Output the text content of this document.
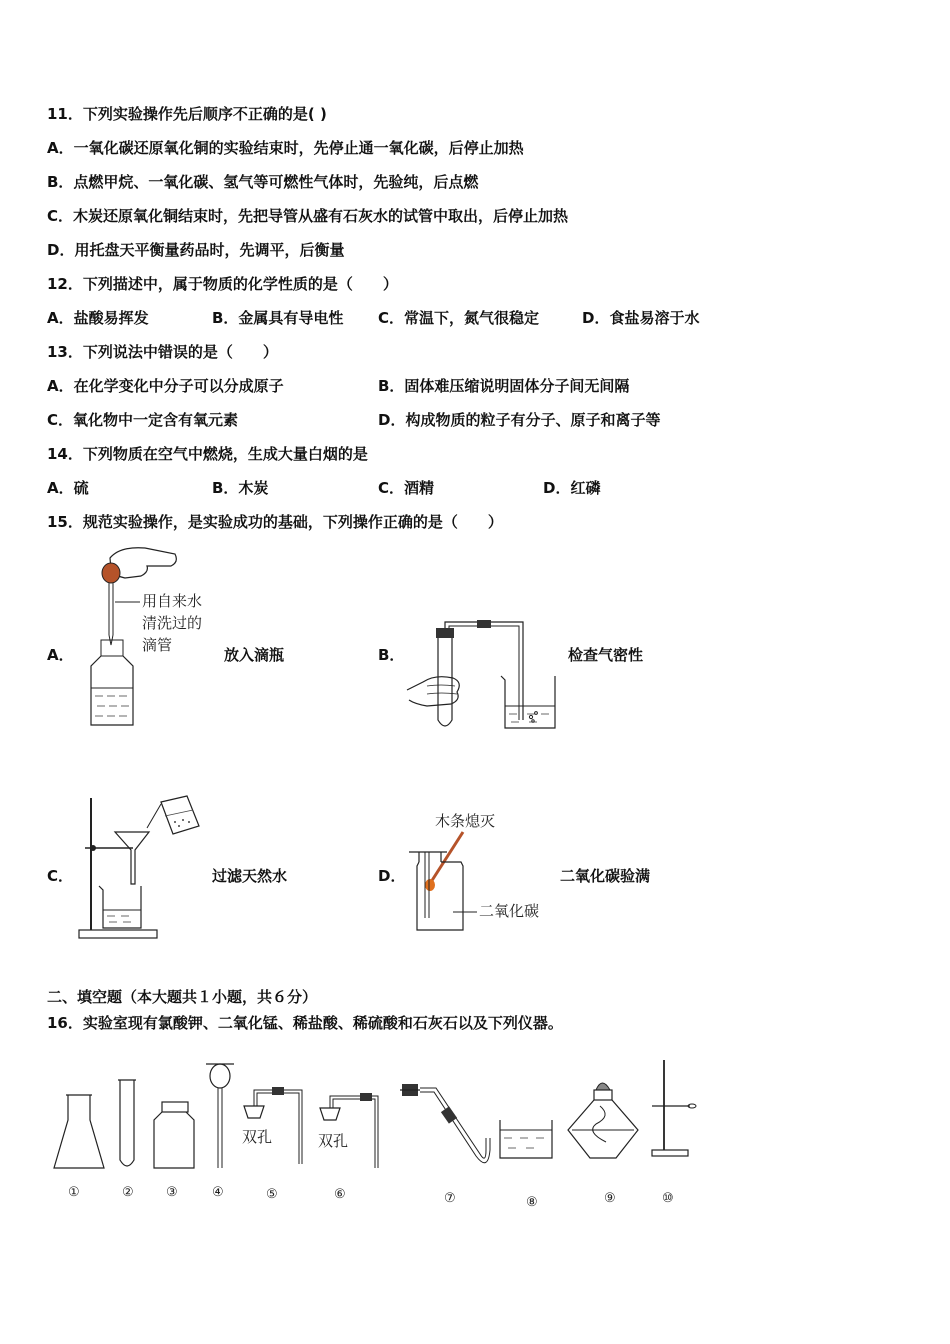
11．下列实验操作先后顺序不正确的是( )
A．一氧化碳还原氧化铜的实验结束时，先停止通一氧化碳，后停止加热
B．点燃甲烷、一氧化碳、氢气等可燃性气体时，先验纯，后点燃
C．木炭还原氧化铜结束时，先把导管从盛有石灰水的试管中取出，后停止加热
D．用托盘天平衡量药品时，先调平，后衡量
12．下列描述中，属于物质的化学性质的是（　　）
A．盐酸易挥发	B．金属具有导电性 C．常温下，氮气很稳定	D．食盐易溶于水
13．下列说法中错误的是（　　）
A．在化学变化中分子可以分成原子	B．固体难压缩说明固体分子间无间隔
C．氧化物中一定含有氧元素	D．构成物质的粒子有分子、原子和离子等
14．下列物质在空气中燃烧，生成大量白烟的是
A．硫	B．木炭	C．酒精	D．红磷
15．规范实验操作，是实验成功的基础，下列操作正确的是（　　）
A．
用自来水
清洗过的
滴管
放入滴瓶	B．	检查气密性
C．	过滤天然水	D．
木条熄灭
二氧化碳
二氧化碳验满
二、填空题（本大题共１小题，共６分）
16．实验室现有氯酸钾、二氧化锰、稀盐酸、稀硫酸和石灰石以及下列仪器。
双孔	双孔
①	② ③	④	⑤	⑥	⑦	⑧	⑨	⑩
